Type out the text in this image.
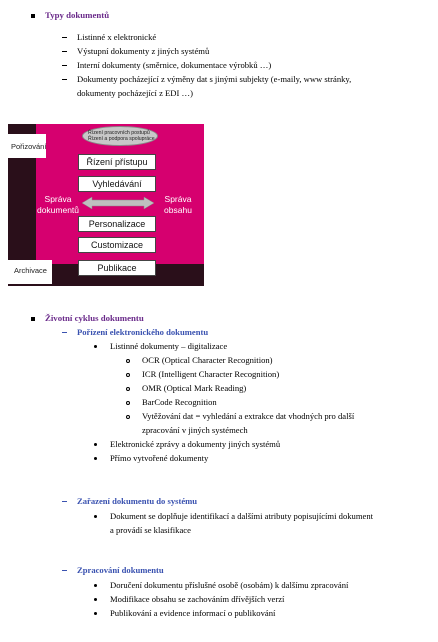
Typy dokumentů
Listinné x elektronické
Výstupní dokumenty z jiných systémů
Interní dokumenty (směrnice, dokumentace výrobků …)
Dokumenty pocházející z výměny dat s jinými subjekty (e-maily, www stránky,
dokumenty pocházející z EDI …)
Pořizování
Archivace
Řízení pracovních postupů
Řízení a podpora spolupráce
Řízení přístupu
Vyhledávání
Personalizace
Customizace
Publikace
Správa
dokumentů
Správa
obsahu
Životní cyklus dokumentu
Pořízení elektronického dokumentu
Listinné dokumenty – digitalizace
OCR (Optical Character Recognition)
ICR (Intelligent Character Recognition)
OMR (Optical Mark Reading)
BarCode Recognition
Vytěžování dat = vyhledání a extrakce dat vhodných pro další
zpracování v jiných systémech
Elektronické zprávy a dokumenty jiných systémů
Přímo vytvořené dokumenty
Zařazení dokumentu do systému
Dokument se doplňuje identifikací a dalšími atributy popisujícími dokument
a provádí se klasifikace
Zpracování dokumentu
Doručení dokumentu příslušné osobě (osobám) k dalšímu zpracování
Modifikace obsahu se zachováním dřívějších verzí
Publikování a evidence informací o publikování
